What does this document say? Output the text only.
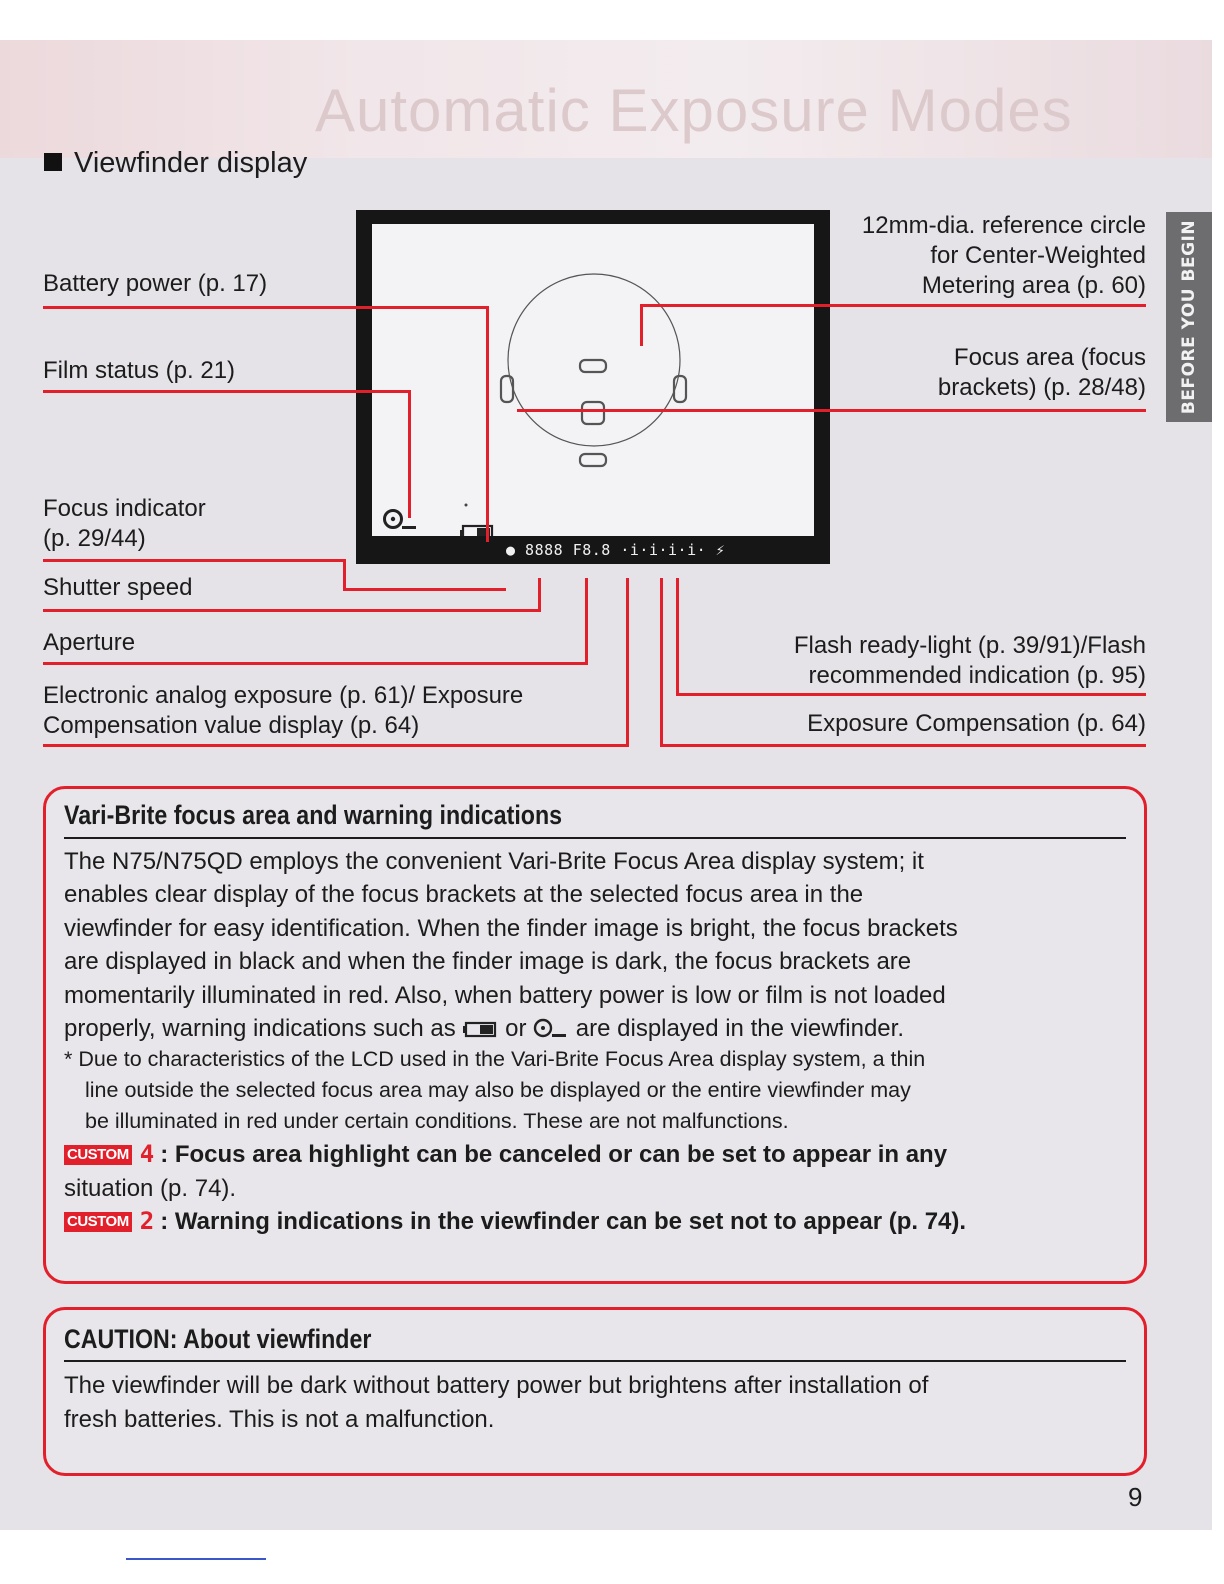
Automatic Exposure Modes
BEFORE YOU BEGIN
Viewfinder display
● 8888 F8.8 ·i·i·i·i· ⚡
Battery power (p. 17)
Film status (p. 21)
Focus indicator
(p. 29/44)
Shutter speed
Aperture
Electronic analog exposure (p. 61)/ Exposure
Compensation value display (p. 64)
12mm-dia. reference circle
for Center-Weighted
Metering area (p. 60)
Focus area (focus
brackets) (p. 28/48)
Flash ready-light (p. 39/91)/Flash
recommended indication (p. 95)
Exposure Compensation (p. 64)
Vari-Brite focus area and warning indications
The N75/N75QD employs the convenient Vari-Brite Focus Area display system; it
enables clear display of the focus brackets at the selected focus area in the
viewfinder for easy identification. When the finder image is bright, the focus brackets
are displayed in black and when the finder image is dark, the focus brackets are
momentarily illuminated in red. Also, when battery power is low or film is not loaded
properly, warning indications such as or are displayed in the viewfinder.
* Due to characteristics of the LCD used in the Vari-Brite Focus Area display system, a thin
line outside the selected focus area may also be displayed or the entire viewfinder may
be illuminated in red under certain conditions. These are not malfunctions.
CUSTOM 4 : Focus area highlight can be canceled or can be set to appear in any
situation (p. 74).
CUSTOM 2 : Warning indications in the viewfinder can be set not to appear (p. 74).
CAUTION: About viewfinder
The viewfinder will be dark without battery power but brightens after installation of
fresh batteries. This is not a malfunction.
9
